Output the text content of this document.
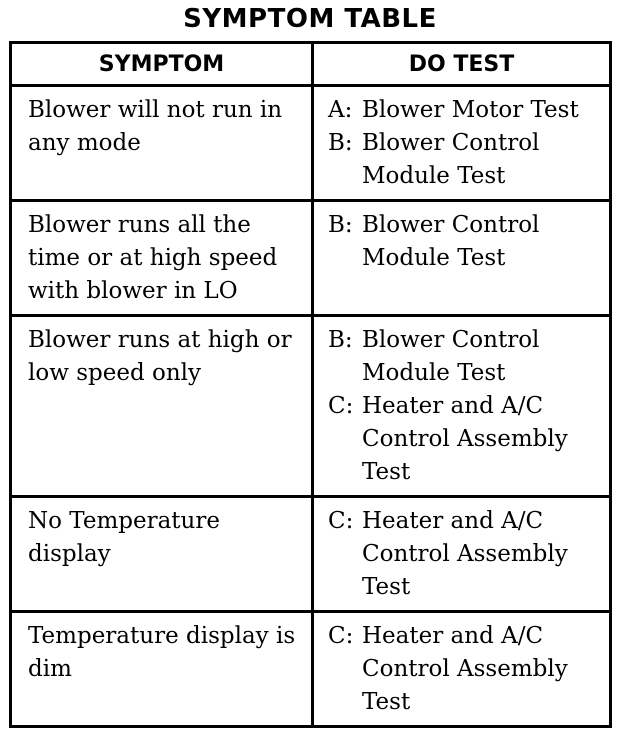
SYMPTOM TABLE
SYMPTOM	DO TEST
Blower will not run in any mode	A : Blower Motor Test
B : Blower Control Module Test

Blower runs all the time or at high speed with blower in LO	B : Blower Control Module Test

Blower runs at high or low speed only	B : Blower Control Module Test
C : Heater and A/C Control Assembly Test

No Temperature display	C : Heater and A/C Control Assembly Test

Temperature display is dim	C : Heater and A/C Control Assembly Test
